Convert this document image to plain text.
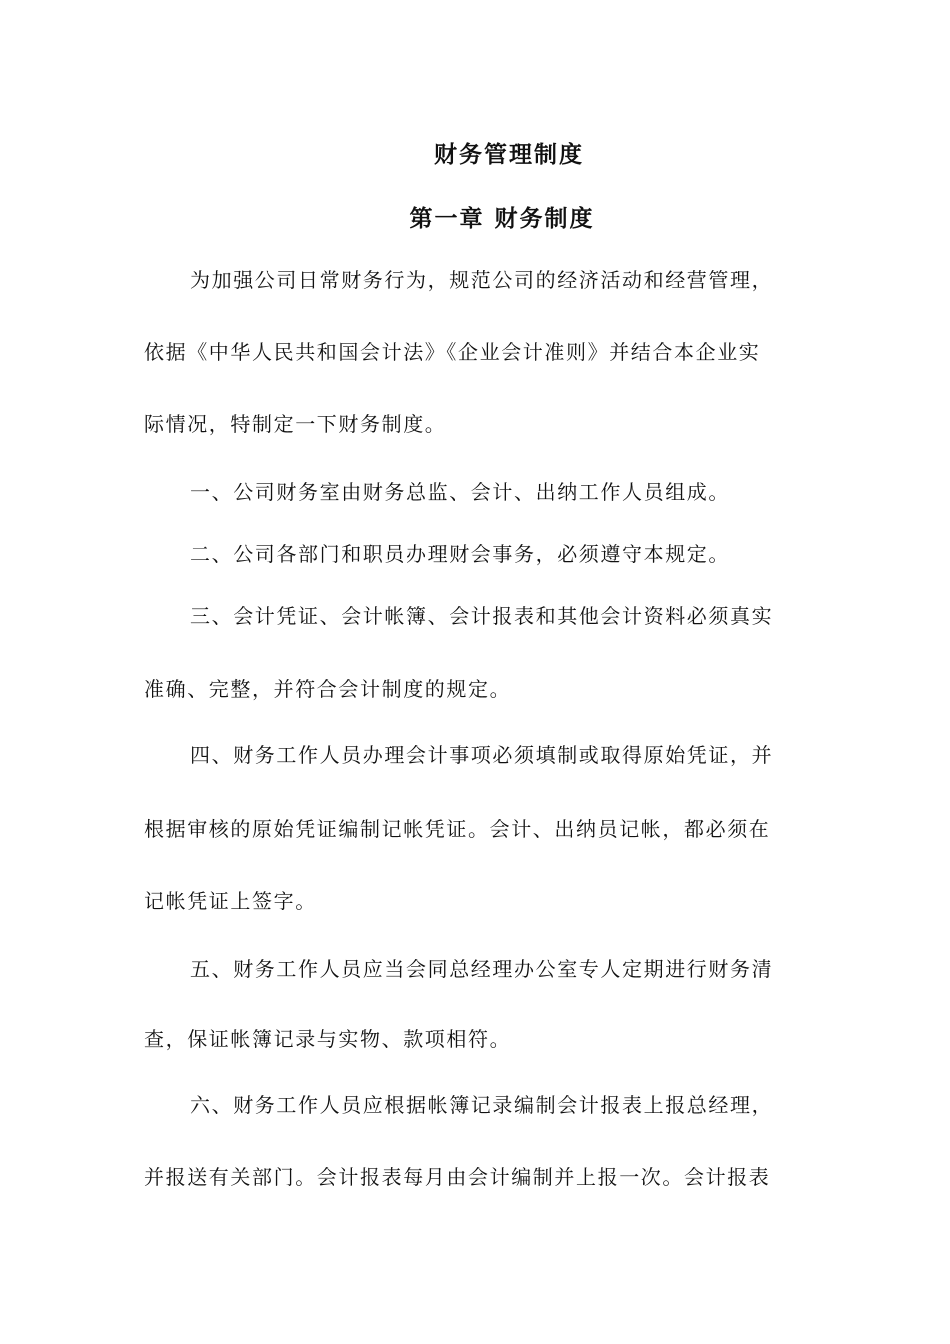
财务管理制度
第一章 财务制度
为加强公司日常财务行为，规范公司的经济活动和经营管理，
依据《中华人民共和国会计法》《企业会计准则》并结合本企业实
际情况，特制定一下财务制度。
一、公司财务室由财务总监、会计、出纳工作人员组成。
二、公司各部门和职员办理财会事务，必须遵守本规定。
三、会计凭证、会计帐簿、会计报表和其他会计资料必须真实
准确、完整，并符合会计制度的规定。
四、财务工作人员办理会计事项必须填制或取得原始凭证，并
根据审核的原始凭证编制记帐凭证。会计、出纳员记帐，都必须在
记帐凭证上签字。
五、财务工作人员应当会同总经理办公室专人定期进行财务清
查，保证帐簿记录与实物、款项相符。
六、财务工作人员应根据帐簿记录编制会计报表上报总经理，
并报送有关部门。会计报表每月由会计编制并上报一次。会计报表
